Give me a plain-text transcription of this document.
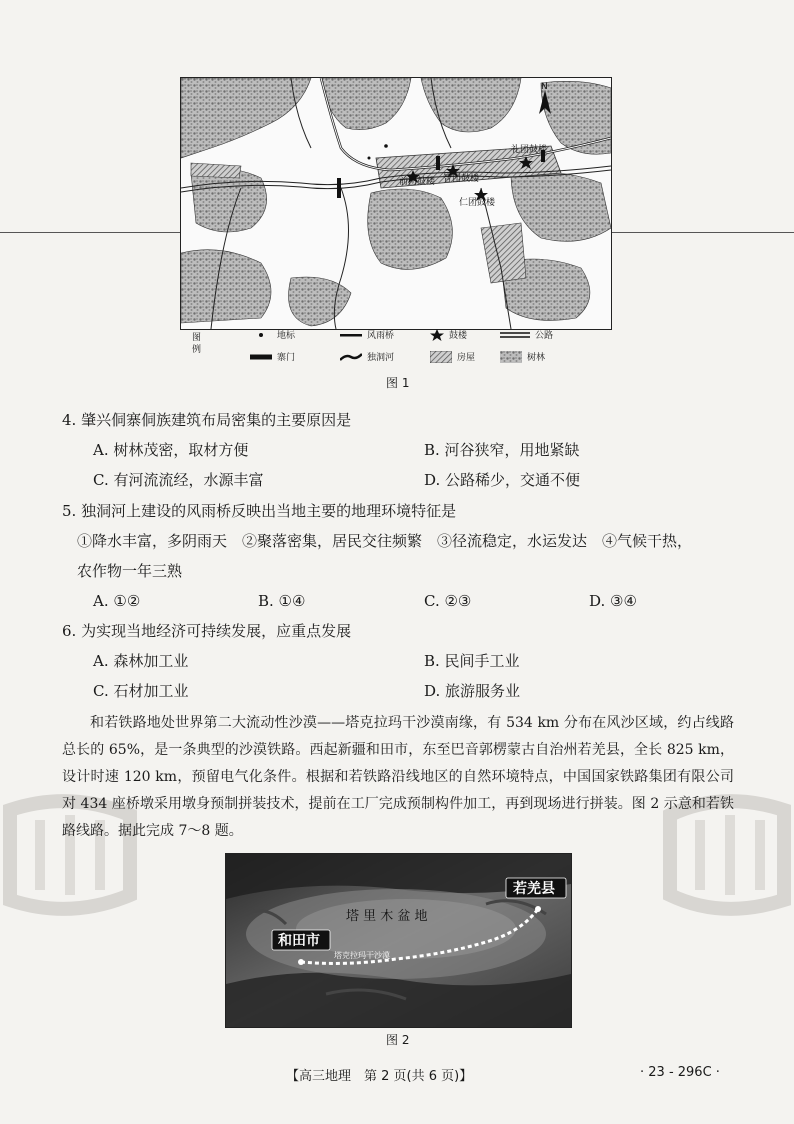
前团鼓楼 智团鼓楼
仁团鼓楼
礼团鼓楼
N
图例
地标	风雨桥	鼓楼	公路
寨门	独洞河	房屋	树林
图 1
4. 肇兴侗寨侗族建筑布局密集的主要原因是
A. 树林茂密，取材方便	B. 河谷狭窄，用地紧缺
C. 有河流流经，水源丰富	D. 公路稀少，交通不便
5. 独洞河上建设的风雨桥反映出当地主要的地理环境特征是
①降水丰富，多阴雨天　②聚落密集，居民交往频繁　③径流稳定，水运发达　④气候干热，
农作物一年三熟
A. ①②	B. ①④	C. ②③	D. ③④
6. 为实现当地经济可持续发展，应重点发展
A. 森林加工业	B. 民间手工业
C. 石材加工业	D. 旅游服务业
和若铁路地处世界第二大流动性沙漠——塔克拉玛干沙漠南缘，有 534 km 分布在风沙区域，约占线路总长的 65%，是一条典型的沙漠铁路。西起新疆和田市，东至巴音郭楞蒙古自治州若羌县，全长 825 km，设计时速 120 km，预留电气化条件。根据和若铁路沿线地区的自然环境特点，中国国家铁路集团有限公司对 434 座桥墩采用墩身预制拼装技术，提前在工厂完成预制构件加工，再到现场进行拼装。图 2 示意和若铁路线路。据此完成 7～8 题。
若羌县
和田市
塔 里 木 盆 地
塔克拉玛干沙漠
图 2
【高三地理　第 2 页(共 6 页)】	· 23 - 296C ·
